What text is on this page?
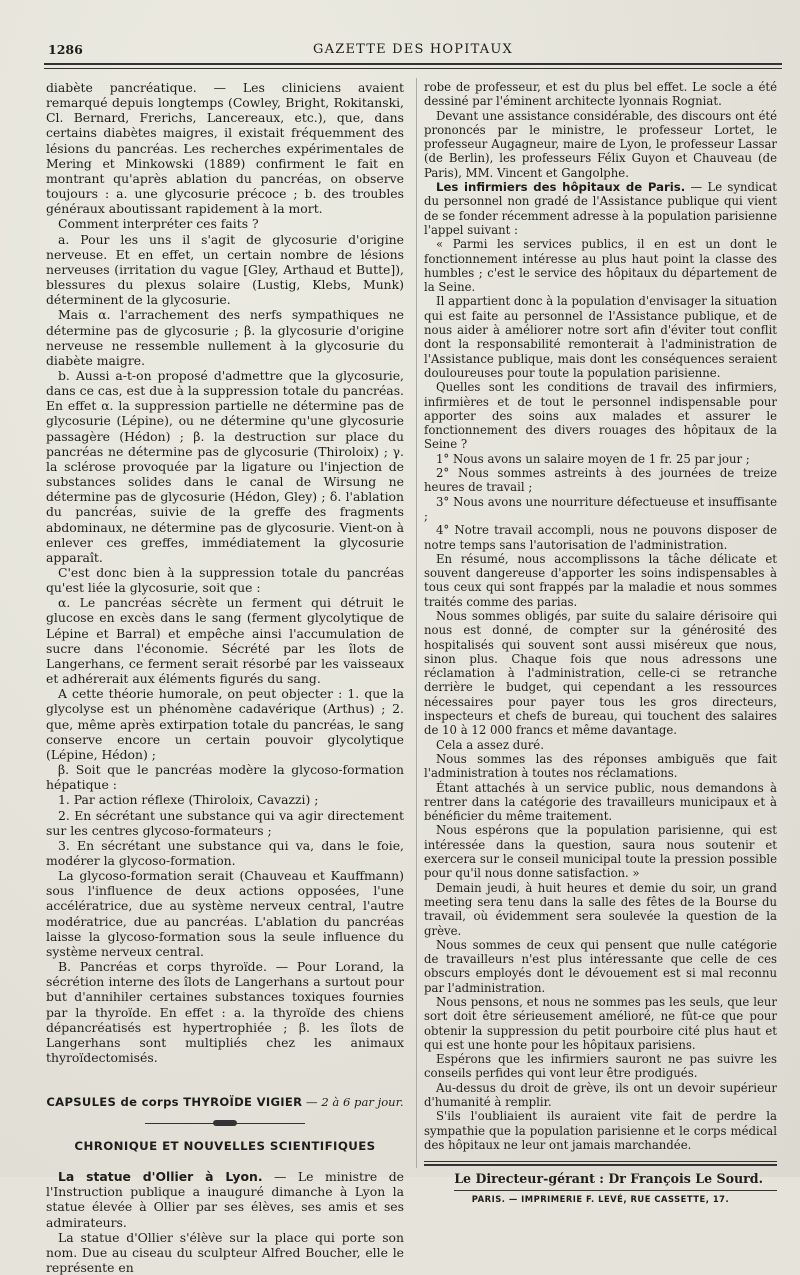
1286	GAZETTE DES HOPITAUX

diabète pancréatique. — Les cliniciens avaient remarqué depuis longtemps (Cowley, Bright, Rokitanski, Cl. Bernard, Frerichs, Lancereaux, etc.), que, dans certains diabètes maigres, il existait fréquemment des lésions du pancréas. Les recherches expérimentales de Mering et Minkowski (1889) confirment le fait en montrant qu'après ablation du pancréas, on observe toujours : a. une glycosurie précoce ; b. des troubles généraux aboutissant rapidement à la mort.

Comment interpréter ces faits ?

a. Pour les uns il s'agit de glycosurie d'origine nerveuse. Et en effet, un certain nombre de lésions nerveuses (irritation du vague [Gley, Arthaud et Butte]), blessures du plexus solaire (Lustig, Klebs, Munk) déterminent de la glycosurie.

Mais α. l'arrachement des nerfs sympathiques ne détermine pas de glycosurie ; β. la glycosurie d'origine nerveuse ne ressemble nullement à la glycosurie du diabète maigre.

b. Aussi a-t-on proposé d'admettre que la glycosurie, dans ce cas, est due à la suppression totale du pancréas. En effet α. la suppression partielle ne détermine pas de glycosurie (Lépine), ou ne détermine qu'une glycosurie passagère (Hédon) ; β. la destruction sur place du pancréas ne détermine pas de glycosurie (Thiroloix) ; γ. la sclérose provoquée par la ligature ou l'injection de substances solides dans le canal de Wirsung ne détermine pas de glycosurie (Hédon, Gley) ; δ. l'ablation du pancréas, suivie de la greffe des fragments abdominaux, ne détermine pas de glycosurie. Vient-on à enlever ces greffes, immédiatement la glycosurie apparaît.

C'est donc bien à la suppression totale du pancréas qu'est liée la glycosurie, soit que :

α. Le pancréas sécrète un ferment qui détruit le glucose en excès dans le sang (ferment glycolytique de Lépine et Barral) et empêche ainsi l'accumulation de sucre dans l'économie. Sécrété par les îlots de Langerhans, ce ferment serait résorbé par les vaisseaux et adhérerait aux éléments figurés du sang.

A cette théorie humorale, on peut objecter : 1. que la glycolyse est un phénomène cadavérique (Arthus) ; 2. que, même après extirpation totale du pancréas, le sang conserve encore un certain pouvoir glycolytique (Lépine, Hédon) ;

β. Soit que le pancréas modère la glycoso-formation hépatique :

1. Par action réflexe (Thiroloix, Cavazzi) ;

2. En sécrétant une substance qui va agir directement sur les centres glycoso-formateurs ;

3. En sécrétant une substance qui va, dans le foie, modérer la glycoso-formation.

La glycoso-formation serait (Chauveau et Kauffmann) sous l'influence de deux actions opposées, l'une accélératrice, due au système nerveux central, l'autre modératrice, due au pancréas. L'ablation du pancréas laisse la glycoso-formation sous la seule influence du système nerveux central.

B. Pancréas et corps thyroïde. — Pour Lorand, la sécrétion interne des îlots de Langerhans a surtout pour but d'annihiler certaines substances toxiques fournies par la thyroïde. En effet : a. la thyroïde des chiens dépancréatisés est hypertrophiée ; β. les îlots de Langerhans sont multipliés chez les animaux thyroïdectomisés.

CAPSULES de corps THYROÏDE VIGIER — 2 à 6 par jour.
CHRONIQUE ET NOUVELLES SCIENTIFIQUES

La statue d'Ollier à Lyon. — Le ministre de l'Instruction publique a inauguré dimanche à Lyon la statue élevée à Ollier par ses élèves, ses amis et ses admirateurs.

La statue d'Ollier s'élève sur la place qui porte son nom. Due au ciseau du sculpteur Alfred Boucher, elle le représente en

robe de professeur, et est du plus bel effet. Le socle a été dessiné par l'éminent architecte lyonnais Rogniat.

Devant une assistance considérable, des discours ont été prononcés par le ministre, le professeur Lortet, le professeur Augagneur, maire de Lyon, le professeur Lassar (de Berlin), les professeurs Félix Guyon et Chauveau (de Paris), MM. Vincent et Gangolphe.

Les infirmiers des hôpitaux de Paris. — Le syndicat du personnel non gradé de l'Assistance publique qui vient de se fonder récemment adresse à la population parisienne l'appel suivant :

« Parmi les services publics, il en est un dont le fonctionnement intéresse au plus haut point la classe des humbles ; c'est le service des hôpitaux du département de la Seine.

Il appartient donc à la population d'envisager la situation qui est faite au personnel de l'Assistance publique, et de nous aider à améliorer notre sort afin d'éviter tout conflit dont la responsabilité remonterait à l'administration de l'Assistance publique, mais dont les conséquences seraient douloureuses pour toute la population parisienne.

Quelles sont les conditions de travail des infirmiers, infirmières et de tout le personnel indispensable pour apporter des soins aux malades et assurer le fonctionnement des divers rouages des hôpitaux de la Seine ?

1° Nous avons un salaire moyen de 1 fr. 25 par jour ;

2° Nous sommes astreints à des journées de treize heures de travail ;

3° Nous avons une nourriture défectueuse et insuffisante ;

4° Notre travail accompli, nous ne pouvons disposer de notre temps sans l'autorisation de l'administration.

En résumé, nous accomplissons la tâche délicate et souvent dangereuse d'apporter les soins indispensables à tous ceux qui sont frappés par la maladie et nous sommes traités comme des parias.

Nous sommes obligés, par suite du salaire dérisoire qui nous est donné, de compter sur la générosité des hospitalisés qui souvent sont aussi miséreux que nous, sinon plus. Chaque fois que nous adressons une réclamation à l'administration, celle-ci se retranche derrière le budget, qui cependant a les ressources nécessaires pour payer tous les gros directeurs, inspecteurs et chefs de bureau, qui touchent des salaires de 10 à 12 000 francs et même davantage.

Cela a assez duré.

Nous sommes las des réponses ambiguës que fait l'administration à toutes nos réclamations.

Étant attachés à un service public, nous demandons à rentrer dans la catégorie des travailleurs municipaux et à bénéficier du même traitement.

Nous espérons que la population parisienne, qui est intéressée dans la question, saura nous soutenir et exercera sur le conseil municipal toute la pression possible pour qu'il nous donne satisfaction. »

Demain jeudi, à huit heures et demie du soir, un grand meeting sera tenu dans la salle des fêtes de la Bourse du travail, où évidemment sera soulevée la question de la grève.

Nous sommes de ceux qui pensent que nulle catégorie de travailleurs n'est plus intéressante que celle de ces obscurs employés dont le dévouement est si mal reconnu par l'administration.

Nous pensons, et nous ne sommes pas les seuls, que leur sort doit être sérieusement amélioré, ne fût-ce que pour obtenir la suppression du petit pourboire cité plus haut et qui est une honte pour les hôpitaux parisiens.

Espérons que les infirmiers sauront ne pas suivre les conseils perfides qui vont leur être prodigués.

Au-dessus du droit de grève, ils ont un devoir supérieur d'humanité à remplir.

S'ils l'oubliaient ils auraient vite fait de perdre la sympathie que la population parisienne et le corps médical des hôpitaux ne leur ont jamais marchandée.

Le Directeur-gérant : Dr François Le Sourd.
PARIS. — IMPRIMERIE F. LEVÉ, RUE CASSETTE, 17.
